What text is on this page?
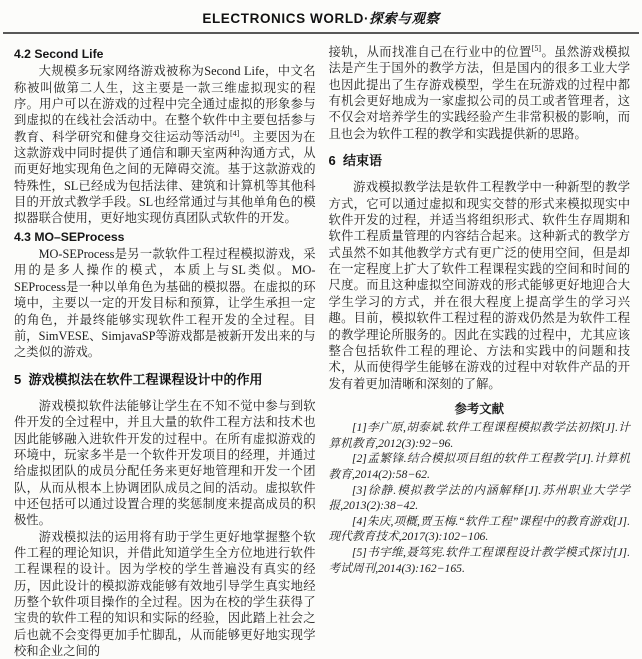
ELECTRONICS WORLD·探索与观察

4.2 Second Life

大规模多玩家网络游戏被称为Second Life，中文名称被叫做第二人生，这主要是一款三维虚拟现实的程序。用户可以在游戏的过程中完全通过虚拟的形象参与到虚拟的在线社会活动中。在整个软件中主要包括参与教育、科学研究和健身交往运动等活动[4]。主要因为在这款游戏中同时提供了通信和聊天室两种沟通方式，从而更好地实现角色之间的无障碍交流。基于这款游戏的特殊性，SL已经成为包括法律、建筑和计算机等其他科目的开放式教学手段。SL也经常通过与其他单角色的模拟器联合使用，更好地实现仿真团队式软件的开发。

4.3 MO–SEProcess

MO-SEProcess是另一款软件工程过程模拟游戏，采用的是多人操作的模式，本质上与SL类似。MO-SEProcess是一种以单角色为基础的模拟器。在虚拟的环境中，主要以一定的开发目标和预算，让学生承担一定的角色，并最终能够实现软件工程开发的全过程。目前，SimVESE、SimjavaSP等游戏都是被新开发出来的与之类似的游戏。

5  游戏模拟法在软件工程课程设计中的作用

游戏模拟软件法能够让学生在不知不觉中参与到软件开发的全过程中，并且大量的软件工程方法和技术也因此能够融入进软件开发的过程中。在所有虚拟游戏的环境中，玩家多半是一个软件开发项目的经理，并通过给虚拟团队的成员分配任务来更好地管理和开发一个团队，从而从根本上协调团队成员之间的活动。虚拟软件中还包括可以通过设置合理的奖惩制度来提高成员的积极性。

游戏模拟法的运用将有助于学生更好地掌握整个软件工程的理论知识，并借此知道学生全方位地进行软件工程课程的设计。因为学校的学生普遍没有真实的经历，因此设计的模拟游戏能够有效地引导学生真实地经历整个软件项目操作的全过程。因为在校的学生获得了宝贵的软件工程的知识和实际的经验，因此踏上社会之后也就不会变得更加手忙脚乱，从而能够更好地实现学校和企业之间的

接轨，从而找准自己在行业中的位置[5]。虽然游戏模拟法是产生于国外的教学方法，但是国内的很多工业大学也因此提出了生存游戏模型，学生在玩游戏的过程中都有机会更好地成为一家虚拟公司的员工或者管理者，这不仅会对培养学生的实践经验产生非常积极的影响，而且也会为软件工程的教学和实践提供新的思路。

6  结束语

游戏模拟教学法是软件工程教学中一种新型的教学方式，它可以通过虚拟和现实交替的形式来模拟现实中软件开发的过程，并适当将组织形式、软件生存周期和软件工程质量管理的内容结合起来。这种新式的教学方式虽然不如其他教学方式有更广泛的使用空间，但是却在一定程度上扩大了软件工程课程实践的空间和时间的尺度。而且这种虚拟空间游戏的形式能够更好地迎合大学生学习的方式，并在很大程度上提高学生的学习兴趣。目前，模拟软件工程过程的游戏仍然是为软件工程的教学理论所服务的。因此在实践的过程中，尤其应该整合包括软件工程的理论、方法和实践中的问题和技术，从而使得学生能够在游戏的过程中对软件产品的开发有着更加清晰和深刻的了解。

参考文献

[1]李广原,胡泰斌.软件工程课程模拟教学法初探[J].计算机教育,2012(3):92−96.

[2]孟繁锋.结合模拟项目组的软件工程教学[J].计算机教育,2014(2):58−62.

[3]徐静.模拟教学法的内涵解释[J].苏州职业大学学报,2013(2):38−42.

[4]朱庆,项概,贾玉梅.“软件工程”课程中的教育游戏[J].现代教育技术,2017(3):102−106.

[5]书宇维,聂笃宪.软件工程课程设计教学模式探讨[J].考试周刊,2014(3):162−165.
